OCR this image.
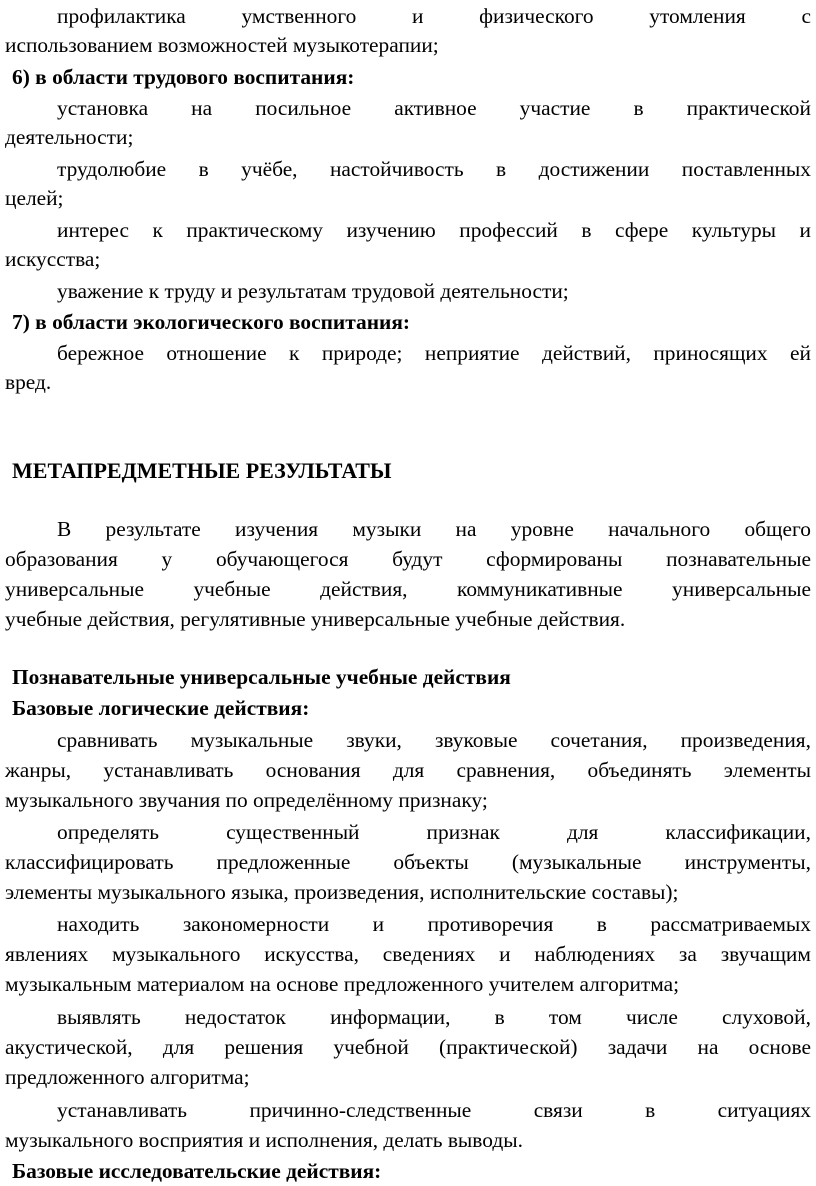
профилактика	умственного	и	физического	утомления	с
использованием возможностей музыкотерапии;
6) в области трудового воспитания:
установка на посильное активное участие в практической
деятельности;
трудолюбие в учёбе, настойчивость в достижении поставленных
целей;
интерес к практическому изучению профессий в сфере культуры и
искусства;
уважение к труду и результатам трудовой деятельности;
7) в области экологического воспитания:
бережное отношение к природе; неприятие действий, приносящих ей
вред.
МЕТАПРЕДМЕТНЫЕ РЕЗУЛЬТАТЫ
В результате изучения музыки на уровне начального общего
образования у обучающегося будут сформированы познавательные
универсальные учебные действия, коммуникативные универсальные
учебные действия, регулятивные универсальные учебные действия.
Познавательные универсальные учебные действия
Базовые логические действия:
сравнивать музыкальные звуки, звуковые сочетания, произведения,
жанры, устанавливать основания для сравнения, объединять элементы
музыкального звучания по определённому признаку;
определять	существенный	признак	для	классификации,
классифицировать предложенные объекты (музыкальные инструменты,
элементы музыкального языка, произведения, исполнительские составы);
находить закономерности и противоречия в рассматриваемых
явлениях музыкального искусства, сведениях и наблюдениях за звучащим
музыкальным материалом на основе предложенного учителем алгоритма;
выявлять недостаток информации, в том числе слуховой,
акустической, для решения учебной (практической) задачи на основе
предложенного алгоритма;
устанавливать	причинно-следственные	связи	в	ситуациях
музыкального восприятия и исполнения, делать выводы.
Базовые исследовательские действия:
